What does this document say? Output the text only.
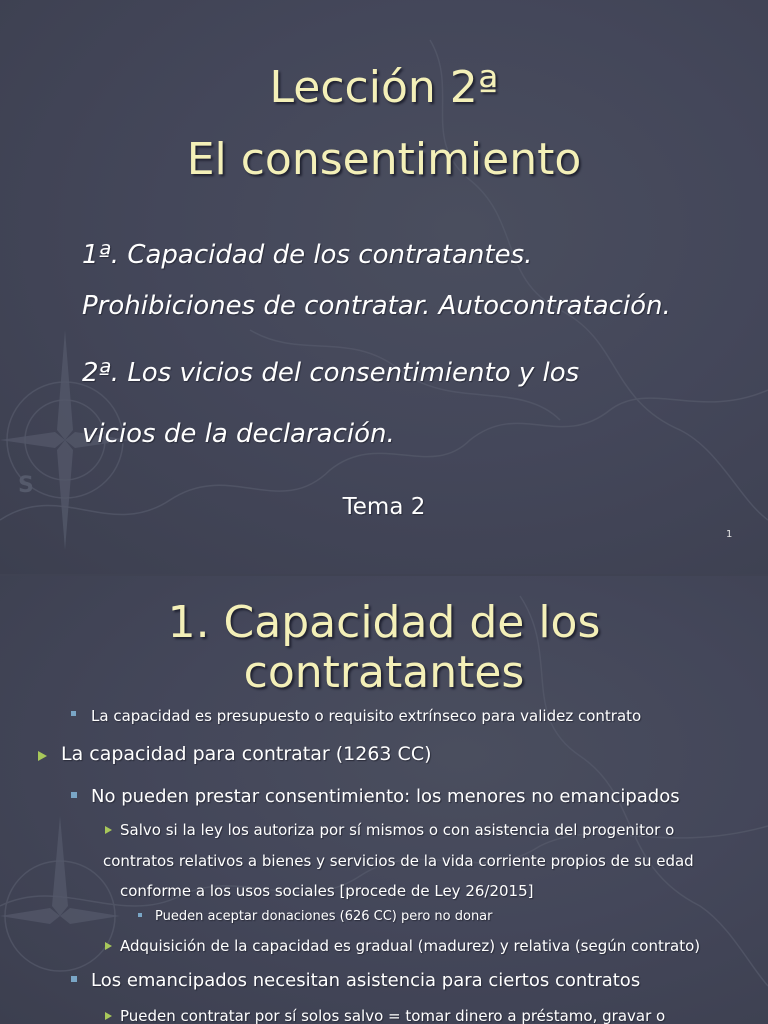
S
Lección 2ª
El consentimiento
1ª. Capacidad de los contratantes.
Prohibiciones de contratar. Autocontratación.
2ª. Los vicios del consentimiento y los
vicios de la declaración.
Tema 2
1
1. Capacidad de los
contratantes
La capacidad es presupuesto o requisito extrínseco para validez contrato
La capacidad para contratar (1263 CC)
No pueden prestar consentimiento: los menores no emancipados
Salvo si la ley los autoriza por sí mismos o con asistencia del progenitor o
contratos relativos a bienes y servicios de la vida corriente propios de su edad
conforme a los usos sociales [procede de Ley 26/2015]
Pueden aceptar donaciones (626 CC) pero no donar
Adquisición de la capacidad es gradual (madurez) y relativa (según contrato)
Los emancipados necesitan asistencia para ciertos contratos
Pueden contratar por sí solos salvo = tomar dinero a préstamo, gravar o
